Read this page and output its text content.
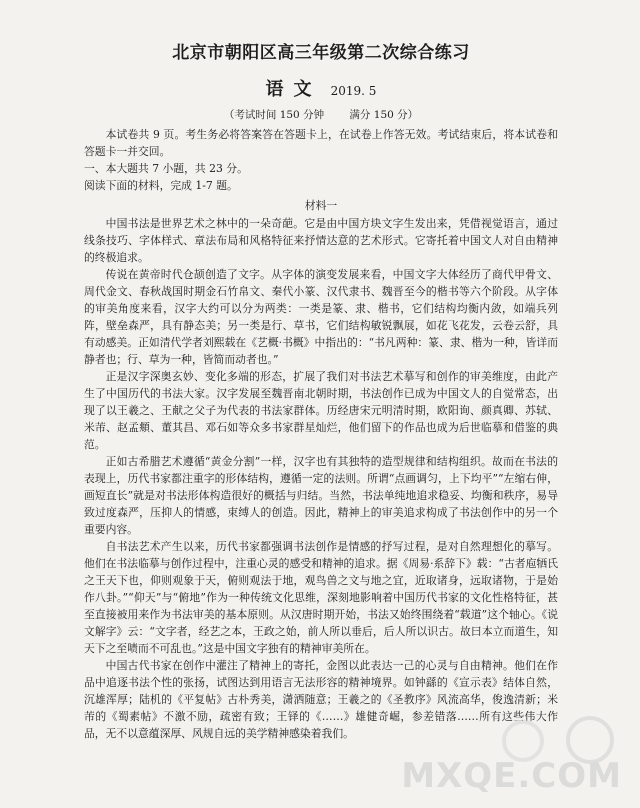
北京市朝阳区高三年级第二次综合练习
语文 2019. 5
（考试时间 150 分钟 满分 150 分）

本试卷共 9 页。考生务必将答案答在答题卡上，在试卷上作答无效。考试结束后，将本试卷和答题卡一并交回。

一、本大题共 7 小题，共 23 分。

阅读下面的材料，完成 1-7 题。

材料一

中国书法是世界艺术之林中的一朵奇葩。它是由中国方块文字生发出来，凭借视觉语言，通过线条技巧、字体样式、章法布局和风格特征来抒情达意的艺术形式。它寄托着中国文人对自由精神的终极追求。

传说在黄帝时代仓颉创造了文字。从字体的演变发展来看，中国文字大体经历了商代甲骨文、周代金文、春秋战国时期金石竹帛文、秦代小篆、汉代隶书、魏晋至今的楷书等六个阶段。从字体的审美角度来看，汉字大约可以分为两类：一类是篆、隶、楷书，它们结构均衡内敛，如端兵列阵，壁垒森严，具有静态美；另一类是行、草书，它们结构敏锐飘展，如花飞花发，云卷云舒，具有动感美。正如清代学者刘熙载在《艺概·书概》中指出的：“书凡两种：篆、隶、楷为一种，皆详而静者也；行、草为一种，皆简而动者也。”

正是汉字深奥玄妙、变化多端的形态，扩展了我们对书法艺术摹写和创作的审美维度，由此产生了中国历代的书法大家。汉字发展至魏晋南北朝时期，书法创作已成为中国文人的自觉常态，出现了以王羲之、王献之父子为代表的书法家群体。历经唐宋元明清时期，欧阳询、颜真卿、苏轼、米芾、赵孟頫、董其昌、邓石如等众多书家群星灿烂，他们留下的作品也成为后世临摹和借鉴的典范。

正如古希腊艺术遵循“黄金分割”一样，汉字也有其独特的造型规律和结构组织。故而在书法的表现上，历代书家都注重字的形体结构，遵循一定的法则。所谓“点画调匀，上下均平”“左缩右伸，画短直长”就是对书法形体构造很好的概括与归结。当然，书法单纯地追求稳妥、均衡和秩序，易导致过度森严，压抑人的情感，束缚人的创造。因此，精神上的审美追求构成了书法创作中的另一个重要内容。

自书法艺术产生以来，历代书家都强调书法创作是情感的抒写过程，是对自然理想化的摹写。他们在书法临摹与创作过程中，注重心灵的感受和精神的追求。据《周易·系辞下》载：“古者庖牺氏之王天下也，仰则观象于天，俯则观法于地，观鸟兽之文与地之宜，近取诸身，远取诸物，于是始作八卦。”“仰天”与“俯地”作为一种传统文化思维，深刻地影响着中国历代书家的文化性格特征，甚至直接被用来作为书法审美的基本原则。从汉唐时期开始，书法又始终围绕着“载道”这个轴心。《说文解字》云：“文字者，经艺之本，王政之始，前人所以垂后，后人所以识古。故曰本立而道生，知天下之至啧而不可乱也。”这是中国文字独有的精神审美所在。

中国古代书家在创作中灌注了精神上的寄托，金图以此表达一己的心灵与自由精神。他们在作品中追逐书法个性的张扬，试图达到用语言无法形容的精神境界。如钟繇的《宣示表》结体自然，沉雄浑厚；陆机的《平复帖》古朴秀美，潇洒随意；王羲之的《圣教序》风流高华，俊逸清新；米芾的《蜀素帖》不激不励，疏密有致；王铎的《……》雄健奇崛，参差错落……所有这些伟大作品，无不以意蕴深厚、风规自远的美学精神感染着我们。

MXQE.COM
